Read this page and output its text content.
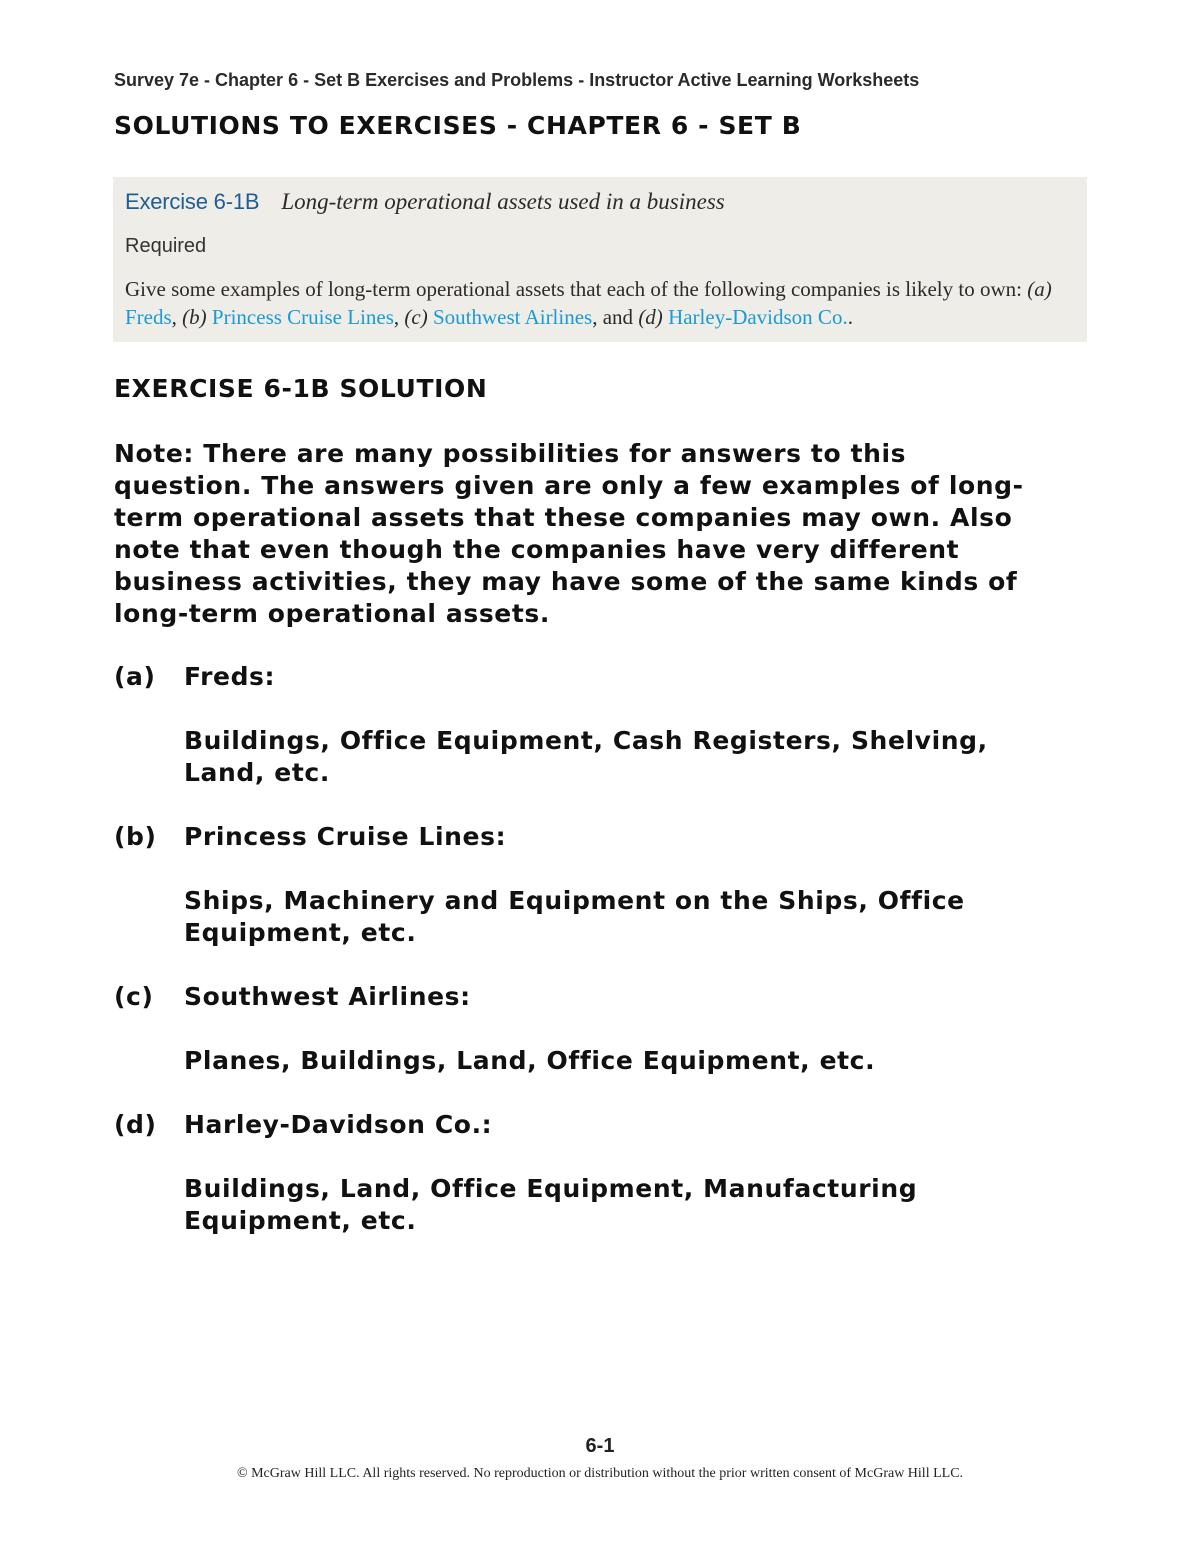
Survey 7e - Chapter 6 - Set B Exercises and Problems - Instructor Active Learning Worksheets
SOLUTIONS TO EXERCISES - CHAPTER 6 - SET B
Exercise 6-1B Long-term operational assets used in a business
Required
Give some examples of long-term operational assets that each of the following companies is likely to own: (a) Freds, (b) Princess Cruise Lines, (c) Southwest Airlines, and (d) Harley-Davidson Co..
EXERCISE 6-1B SOLUTION
Note: There are many possibilities for answers to this
question. The answers given are only a few examples of long-
term operational assets that these companies may own. Also
note that even though the companies have very different
business activities, they may have some of the same kinds of
long-term operational assets.
(a) Freds:
Buildings, Office Equipment, Cash Registers, Shelving,
Land, etc.
(b) Princess Cruise Lines:
Ships, Machinery and Equipment on the Ships, Office
Equipment, etc.
(c) Southwest Airlines:
Planes, Buildings, Land, Office Equipment, etc.
(d) Harley-Davidson Co.:
Buildings, Land, Office Equipment, Manufacturing
Equipment, etc.
6-1
© McGraw Hill LLC. All rights reserved. No reproduction or distribution without the prior written consent of McGraw Hill LLC.
